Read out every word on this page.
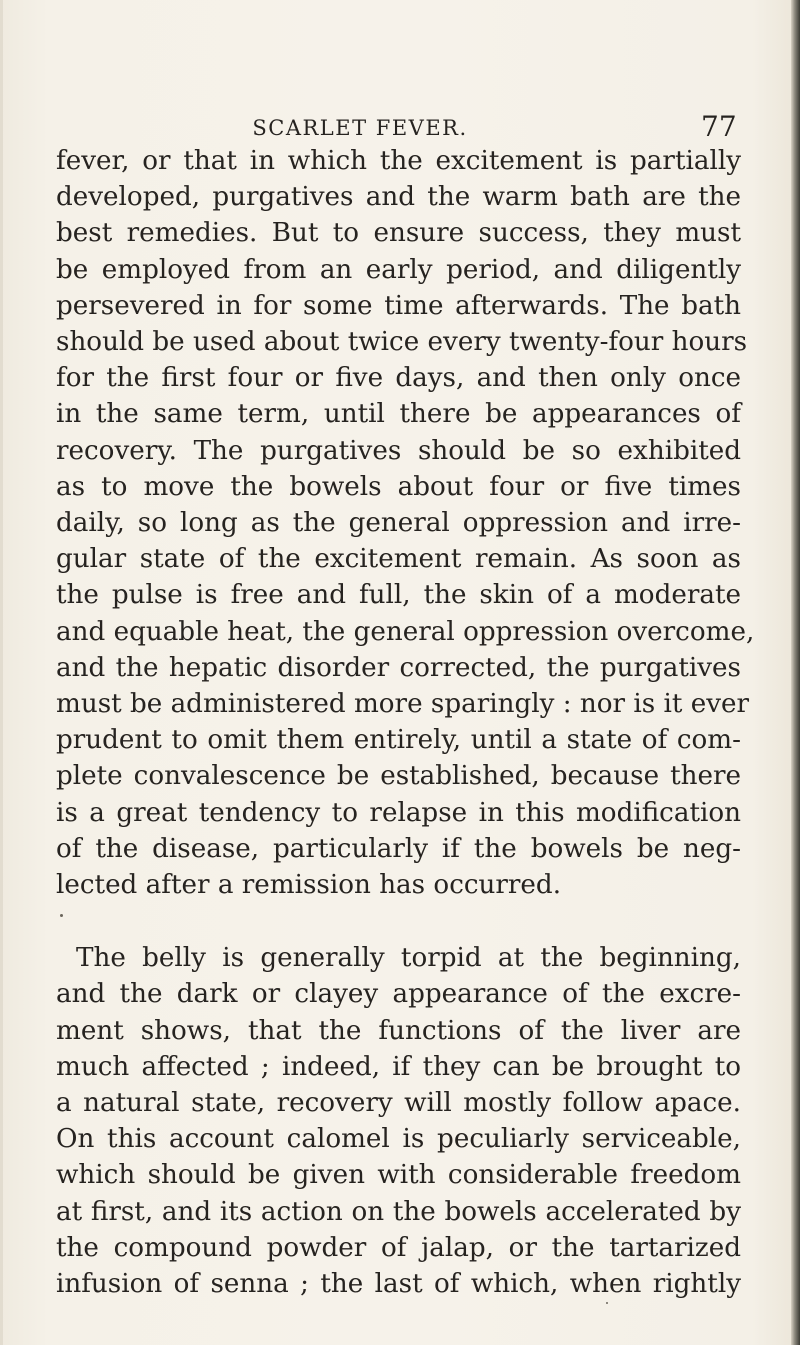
SCARLET FEVER.	77

fever, or that in which the excitement is partially
developed, purgatives and the warm bath are the
best remedies. But to ensure success, they must
be employed from an early period, and diligently
persevered in for some time afterwards. The bath
should be used about twice every twenty-four hours
for the first four or five days, and then only once
in the same term, until there be appearances of
recovery. The purgatives should be so exhibited
as to move the bowels about four or five times
daily, so long as the general oppression and irre-
gular state of the excitement remain. As soon as
the pulse is free and full, the skin of a moderate
and equable heat, the general oppression overcome,
and the hepatic disorder corrected, the purgatives
must be administered more sparingly : nor is it ever
prudent to omit them entirely, until a state of com-
plete convalescence be established, because there
is a great tendency to relapse in this modification
of the disease, particularly if the bowels be neg-
lected after a remission has occurred.

The belly is generally torpid at the beginning,
and the dark or clayey appearance of the excre-
ment shows, that the functions of the liver are
much affected ; indeed, if they can be brought to
a natural state, recovery will mostly follow apace.
On this account calomel is peculiarly serviceable,
which should be given with considerable freedom
at first, and its action on the bowels accelerated by
the compound powder of jalap, or the tartarized
infusion of senna ; the last of which, when rightly
